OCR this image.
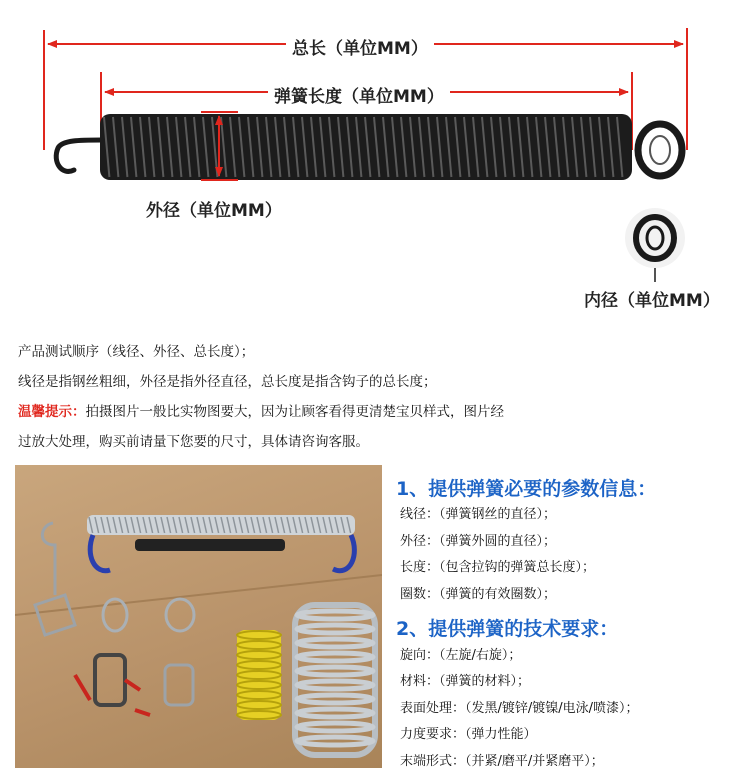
总长（单位MM）
弹簧长度（单位MM）
外径（单位MM）
内径（单位MM）
产品测试顺序（线径、外径、总长度）；
线径是指钢丝粗细，外径是指外径直径，总长度是指含钩子的总长度；
温馨提示：拍摄图片一般比实物图要大，因为让顾客看得更清楚宝贝样式，图片经
过放大处理，购买前请量下您要的尺寸，具体请咨询客服。
1、提供弹簧必要的参数信息：
线径：（弹簧钢丝的直径）；
外径：（弹簧外圆的直径）；
长度：（包含拉钩的弹簧总长度）；
圈数：（弹簧的有效圈数）；
2、提供弹簧的技术要求：
旋向：（左旋/右旋）；
材料：（弹簧的材料）；
表面处理：（发黑/镀锌/镀镍/电泳/喷漆）；
力度要求：（弹力性能）
末端形式：（并紧/磨平/并紧磨平）；
